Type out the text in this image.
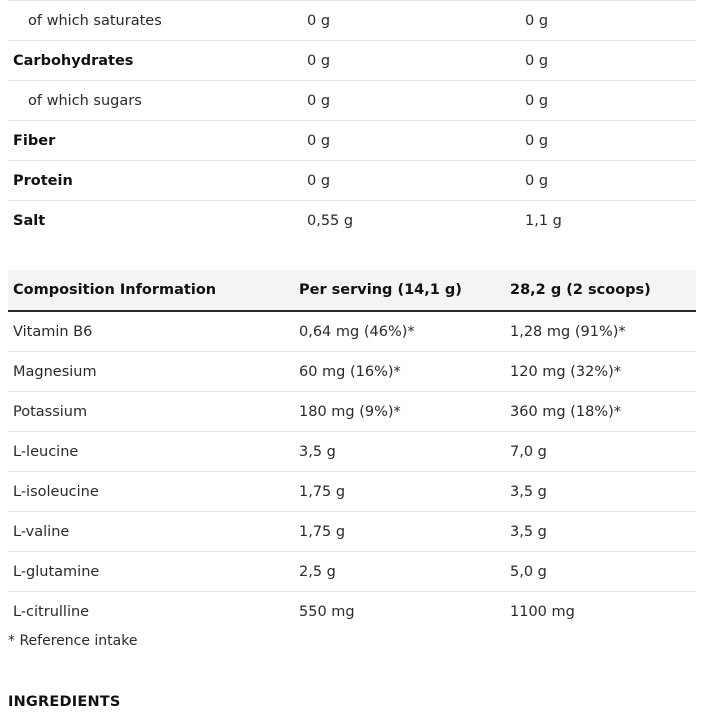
of which saturates	0 g	0 g
Carbohydrates	0 g	0 g
of which sugars	0 g	0 g
Fiber	0 g	0 g
Protein	0 g	0 g
Salt	0,55 g	1,1 g
Composition Information	Per serving (14,1 g)	28,2 g (2 scoops)
Vitamin B6	0,64 mg (46%)*	1,28 mg (91%)*
Magnesium	60 mg (16%)*	120 mg (32%)*
Potassium	180 mg (9%)*	360 mg (18%)*
L-leucine	3,5 g	7,0 g
L-isoleucine	1,75 g	3,5 g
L-valine	1,75 g	3,5 g
L-glutamine	2,5 g	5,0 g
L-citrulline	550 mg	1100 mg
* Reference intake
INGREDIENTS
